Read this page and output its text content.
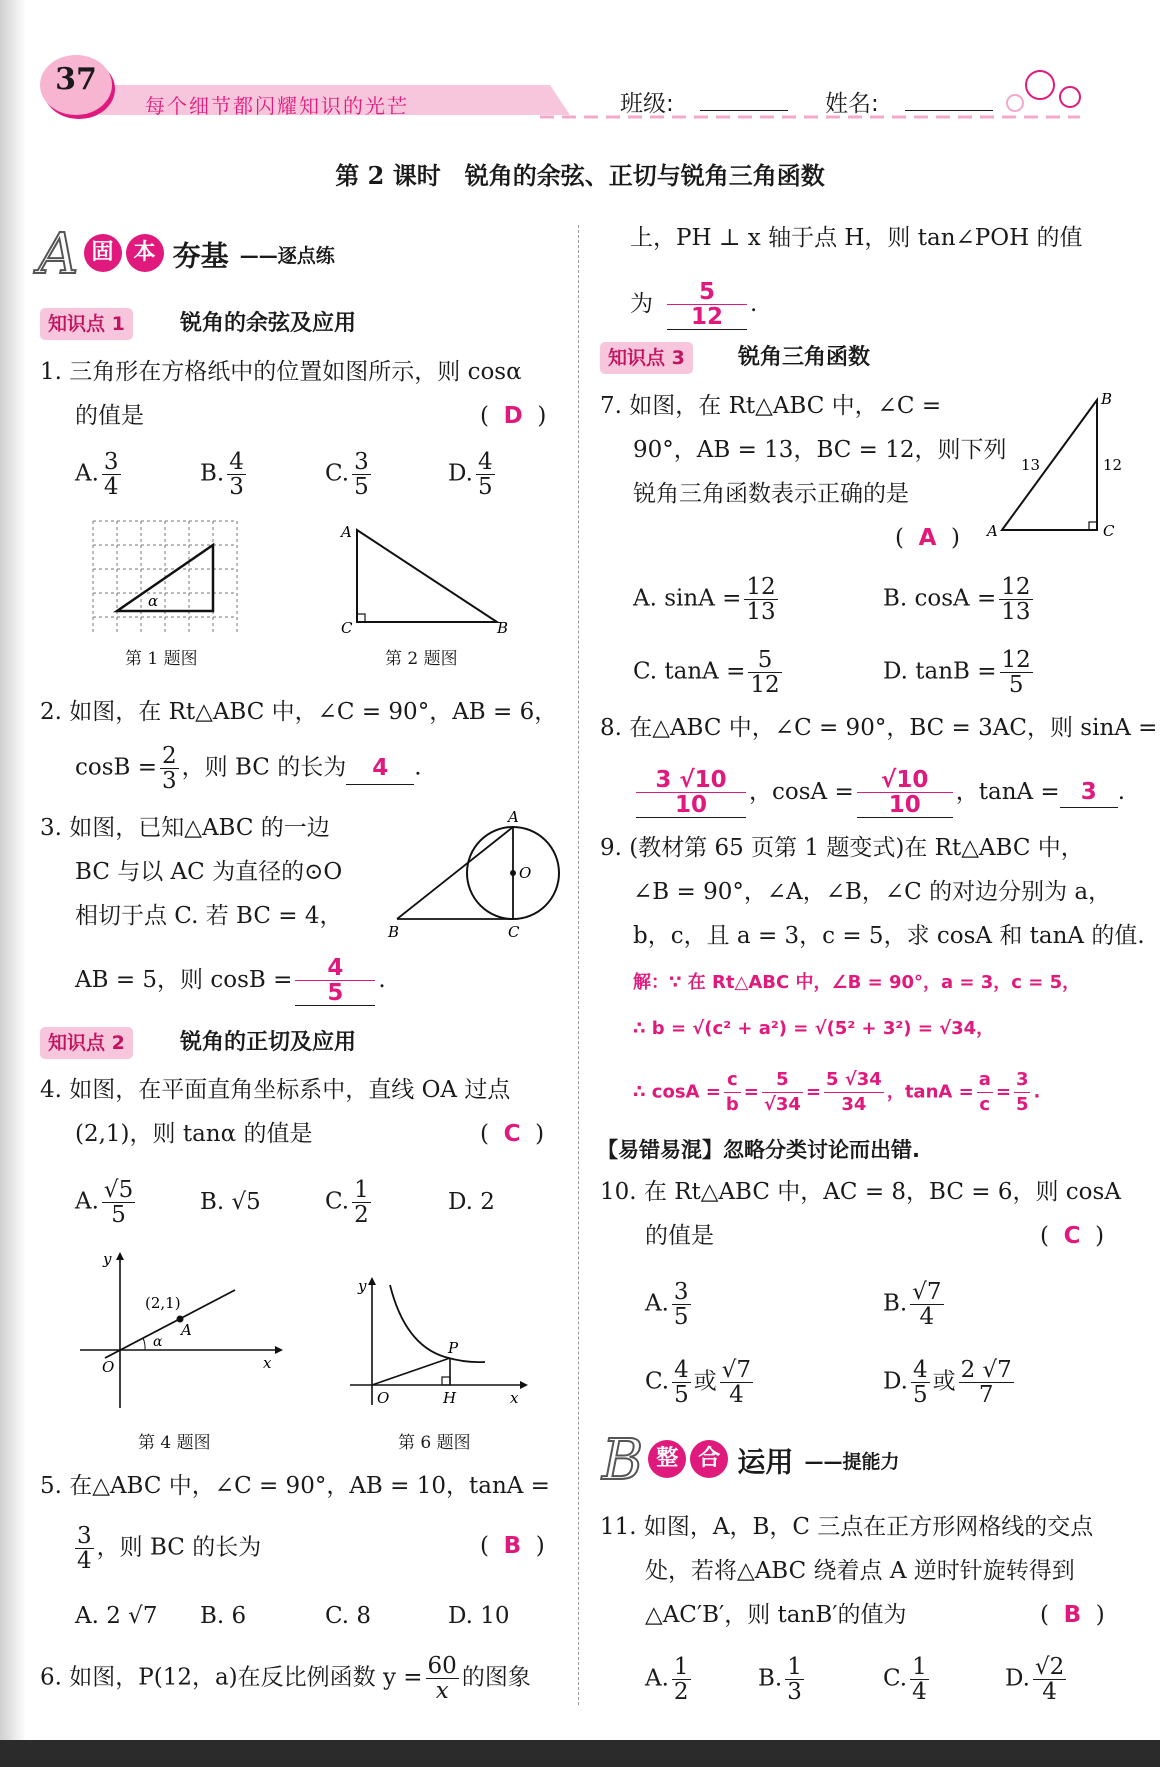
37
每个细节都闪耀知识的光芒	班级:	姓名:
第 2 课时　锐角的余弦、正切与锐角三角函数
A 固 本 夯基 ——逐点练
知识点 1	锐角的余弦及应用
1. 三角形在方格纸中的位置如图所示，则 cosα
的值是	( D )
A. $\frac{3}{4}$	B. $\frac{4}{3}$	C. $\frac{3}{5}$	D. $\frac{4}{5}$
α
第 1 题图
A
C	B
第 2 题图
2. 如图，在 Rt△ABC 中，∠C = 90°，AB = 6，
$\cos B = \frac{2}{3}$ ，则 BC 的长为 4 .
3. 如图，已知△ABC 的一边
BC 与以 AC 为直径的⊙O
相切于点 C. 若 BC = 4，
AB = 5，则 $\cos B = \frac{4}{5}$ .
A
O
B	C
知识点 2	锐角的正切及应用
4. 如图，在平面直角坐标系中，直线 OA 过点
(2,1)，则 tanα 的值是	( C )
A. $\frac{√5}{5}$	B. √5	C. $\frac{1}{2}$	D. 2
(2,1)
A
α
O	x
y
第 4 题图
P
O	H	x
y
第 6 题图
5. 在△ABC 中，∠C = 90°，AB = 10，tanA =
$\frac{3}{4}$ ，则 BC 的长为	( B )
A. 2 √7 B. 6	C. 8	D. 10
6. 如图，P(12，a)在反比例函数 $y = \frac{60}{x}$ 的图象
上，PH ⊥ x 轴于点 H，则 tan∠POH 的值
为 $\frac{5}{12}$ .
知识点 3	锐角三角函数
7. 如图，在 Rt△ABC 中，∠C =
90°，AB = 13，BC = 12，则下列
锐角三角函数表示正确的是
( A )
B
A	C
13	12
A. $\sin A = \frac{12}{13}$	B. $\cos A = \frac{12}{13}$
C. $\tan A = \frac{5}{12}$	D. $\tan B = \frac{12}{5}$
8. 在△ABC 中，∠C = 90°，BC = 3AC，则 sinA =
$\frac{3 √10}{10}$ ，$\cos A = \frac{√10}{10}$ ，tanA = 3 .
9. (教材第 65 页第 1 题变式)在 Rt△ABC 中，
∠B = 90°，∠A，∠B，∠C 的对边分别为 a，
b，c，且 a = 3，c = 5，求 cosA 和 tanA 的值.
解：∵ 在 Rt△ABC 中，∠B = 90°，a = 3，c = 5，
∴ b = √(c² + a²) = √(5² + 3²) = √34，
∴ $\cos A = \frac{c}{b} = \frac{5}{√34} = \frac{5 √34}{34}$ ，$\tan A = \frac{a}{c} = \frac{3}{5}$ .
【易错易混】忽略分类讨论而出错.
10. 在 Rt△ABC 中，AC = 8，BC = 6，则 cosA
的值是	( C )
A. $\frac{3}{5}$	B. $\frac{√7}{4}$
C. $\frac{4}{5}$ 或 $\frac{√7}{4}$	D. $\frac{4}{5}$ 或 $\frac{2 √7}{7}$
B 整 合 运用 ——提能力
11. 如图，A，B，C 三点在正方形网格线的交点
处，若将△ABC 绕着点 A 逆时针旋转得到
△AC′B′，则 tanB′的值为	( B )
A. $\frac{1}{2}$	B. $\frac{1}{3}$	C. $\frac{1}{4}$	D. $\frac{√2}{4}$
